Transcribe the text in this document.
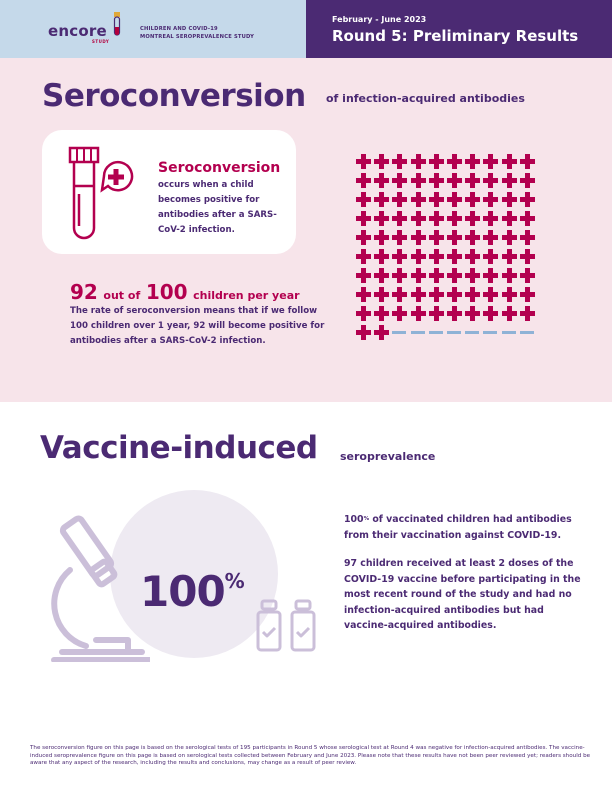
encore
STUDY
CHILDREN AND COVID-19
MONTREAL SEROPREVALENCE STUDY
February - June 2023
Round 5: Preliminary Results
Seroconversion of infection-acquired antibodies
Seroconversion
occurs when a child becomes positive for antibodies after a SARS-CoV-2 infection.
92 out of 100 children per year
The rate of seroconversion means that if we follow 100 children over 1 year, 92 will become positive for antibodies after a SARS-CoV-2 infection.
Vaccine-induced seroprevalence
100%
100% of vaccinated children had antibodies from their vaccination against COVID-19.
97 children received at least 2 doses of the COVID-19 vaccine before participating in the most recent round of the study and had no infection-acquired antibodies but had vaccine-acquired antibodies.
The seroconversion figure on this page is based on the serological tests of 195 participants in Round 5 whose serological test at Round 4 was negative for infection-acquired antibodies. The vaccine-induced seroprevalence figure on this page is based on serological tests collected between February and June 2023. Please note that these results have not been peer reviewed yet; readers should be aware that any aspect of the research, including the results and conclusions, may change as a result of peer review.
